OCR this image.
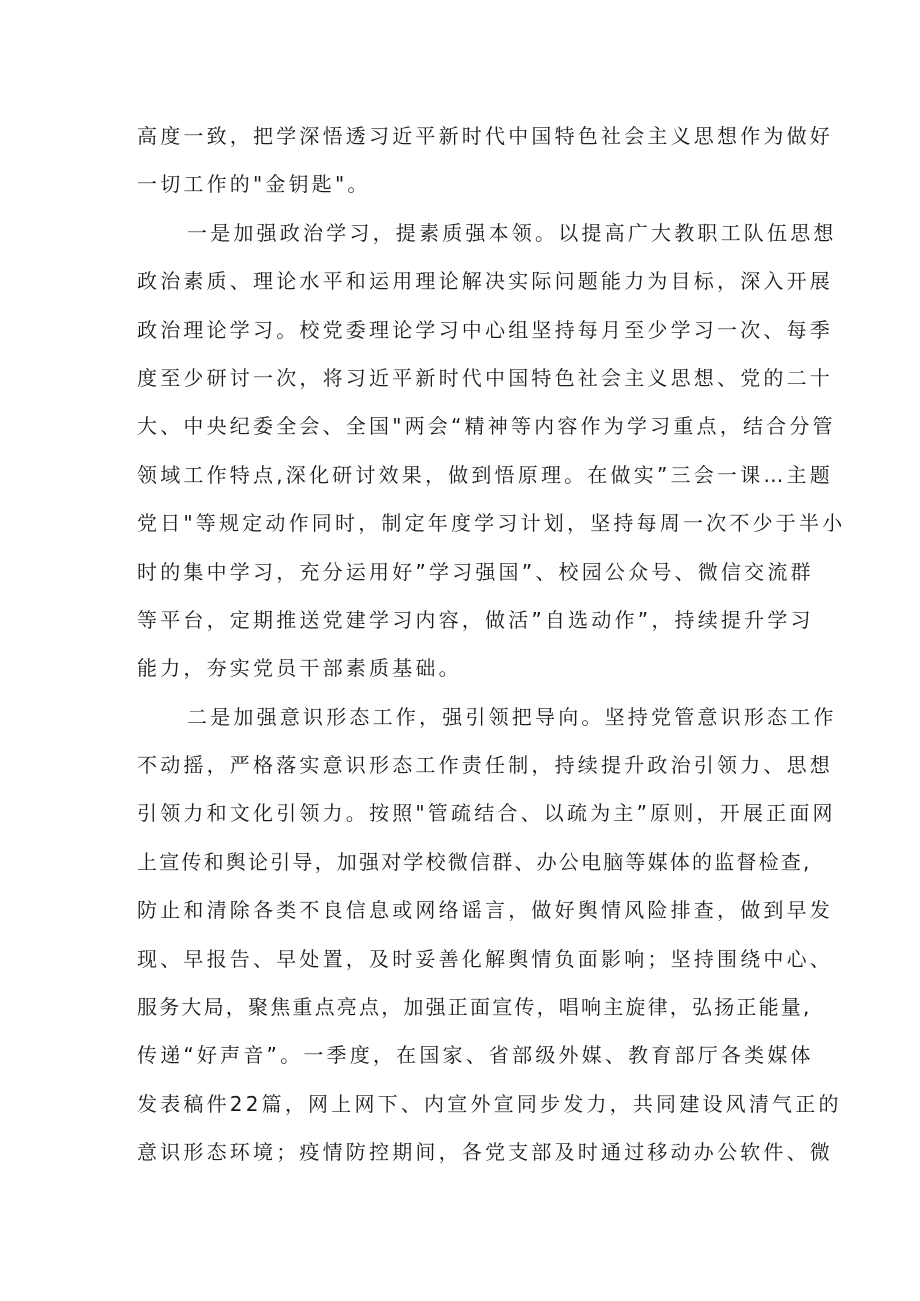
高度一致，把学深悟透习近平新时代中国特色社会主义思想作为做好
一切工作的"金钥匙"。
一是加强政治学习，提素质强本领。以提高广大教职工队伍思想
政治素质、理论水平和运用理论解决实际问题能力为目标，深入开展
政治理论学习。校党委理论学习中心组坚持每月至少学习一次、每季
度至少研讨一次，将习近平新时代中国特色社会主义思想、党的二十
大、中央纪委全会、全国"两会“精神等内容作为学习重点，结合分管
领域工作特点,深化研讨效果，做到悟原理。在做实”三会一课…主题
党日"等规定动作同时，制定年度学习计划，坚持每周一次不少于半小
时的集中学习，充分运用好”学习强国”、校园公众号、微信交流群
等平台，定期推送党建学习内容，做活”自选动作”，持续提升学习
能力，夯实党员干部素质基础。
二是加强意识形态工作，强引领把导向。坚持党管意识形态工作
不动摇，严格落实意识形态工作责任制，持续提升政治引领力、思想
引领力和文化引领力。按照"管疏结合、以疏为主”原则，开展正面网
上宣传和舆论引导，加强对学校微信群、办公电脑等媒体的监督检查,
防止和清除各类不良信息或网络谣言，做好舆情风险排查，做到早发
现、早报告、早处置，及时妥善化解舆情负面影响；坚持围绕中心、
服务大局，聚焦重点亮点，加强正面宣传，唱响主旋律，弘扬正能量,
传递“好声音”。一季度，在国家、省部级外媒、教育部厅各类媒体
发表稿件22篇，网上网下、内宣外宣同步发力，共同建设风清气正的
意识形态环境；疫情防控期间，各党支部及时通过移动办公软件、微
